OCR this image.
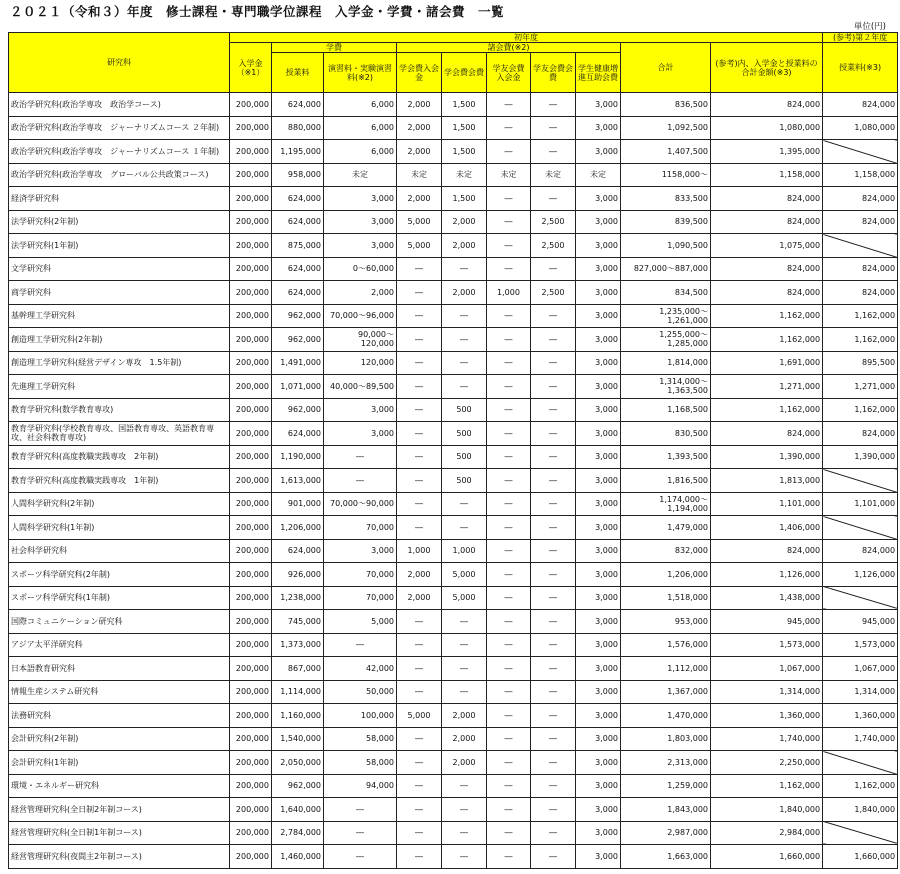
２０２１（令和３）年度　修士課程・専門職学位課程　入学金・学費・諸会費　一覧
単位(円)
研究科	初年度										(参考)第２年度
	入学金（※1）	学費		諸会費(※2)					合計	(参考)内、入学金と授業料の合計金額(※3)	授業料(※3)
		授業料	演習料・実験演習料(※2)	学会費入会金	学会費会費	学友会費入会金	学友会費会費	学生健康増進互助会費			
政治学研究科(政治学専攻　政治学コース)	200,000	624,000	6,000	2,000	1,500	―	―	3,000	836,500	824,000	824,000
政治学研究科(政治学専攻　ジャーナリズムコース ２年制)	200,000	880,000	6,000	2,000	1,500	―	―	3,000	1,092,500	1,080,000	1,080,000
政治学研究科(政治学専攻　ジャーナリズムコース １年制)	200,000	1,195,000	6,000	2,000	1,500	―	―	3,000	1,407,500	1,395,000	
政治学研究科(政治学専攻　グローバル公共政策コース)	200,000	958,000	未定	未定	未定	未定	未定	未定	1158,000～	1,158,000	1,158,000
経済学研究科	200,000	624,000	3,000	2,000	1,500	―	―	3,000	833,500	824,000	824,000
法学研究科(2年制)	200,000	624,000	3,000	5,000	2,000	―	2,500	3,000	839,500	824,000	824,000
法学研究科(1年制)	200,000	875,000	3,000	5,000	2,000	―	2,500	3,000	1,090,500	1,075,000	
文学研究科	200,000	624,000	0～60,000	―	―	―	―	3,000	827,000～887,000	824,000	824,000
商学研究科	200,000	624,000	2,000	―	2,000	1,000	2,500	3,000	834,500	824,000	824,000
基幹理工学研究科	200,000	962,000	70,000～96,000	―	―	―	―	3,000	1,235,000～1,261,000	1,162,000	1,162,000
創造理工学研究科(2年制)	200,000	962,000	90,000～120,000	―	―	―	―	3,000	1,255,000～1,285,000	1,162,000	1,162,000
創造理工学研究科(経営デザイン専攻　1.5年制)	200,000	1,491,000	120,000	―	―	―	―	3,000	1,814,000	1,691,000	895,500
先進理工学研究科	200,000	1,071,000	40,000～89,500	―	―	―	―	3,000	1,314,000～1,363,500	1,271,000	1,271,000
教育学研究科(数学教育専攻)	200,000	962,000	3,000	―	500	―	―	3,000	1,168,500	1,162,000	1,162,000
教育学研究科(学校教育専攻、国語教育専攻、英語教育専攻、社会科教育専攻)	200,000	624,000	3,000	―	500	―	―	3,000	830,500	824,000	824,000
教育学研究科(高度教職実践専攻　2年制)	200,000	1,190,000	―	―	500	―	―	3,000	1,393,500	1,390,000	1,390,000
教育学研究科(高度教職実践専攻　1年制)	200,000	1,613,000	―	―	500	―	―	3,000	1,816,500	1,813,000	
人間科学研究科(2年制)	200,000	901,000	70,000～90,000	―	―	―	―	3,000	1,174,000～1,194,000	1,101,000	1,101,000
人間科学研究科(1年制)	200,000	1,206,000	70,000	―	―	―	―	3,000	1,479,000	1,406,000	
社会科学研究科	200,000	624,000	3,000	1,000	1,000	―	―	3,000	832,000	824,000	824,000
スポーツ科学研究科(2年制)	200,000	926,000	70,000	2,000	5,000	―	―	3,000	1,206,000	1,126,000	1,126,000
スポーツ科学研究科(1年制)	200,000	1,238,000	70,000	2,000	5,000	―	―	3,000	1,518,000	1,438,000	
国際コミュニケーション研究科	200,000	745,000	5,000	―	―	―	―	3,000	953,000	945,000	945,000
アジア太平洋研究科	200,000	1,373,000	―	―	―	―	―	3,000	1,576,000	1,573,000	1,573,000
日本語教育研究科	200,000	867,000	42,000	―	―	―	―	3,000	1,112,000	1,067,000	1,067,000
情報生産システム研究科	200,000	1,114,000	50,000	―	―	―	―	3,000	1,367,000	1,314,000	1,314,000
法務研究科	200,000	1,160,000	100,000	5,000	2,000	―	―	3,000	1,470,000	1,360,000	1,360,000
会計研究科(2年制)	200,000	1,540,000	58,000	―	2,000	―	―	3,000	1,803,000	1,740,000	1,740,000
会計研究科(1年制)	200,000	2,050,000	58,000	―	2,000	―	―	3,000	2,313,000	2,250,000	
環境・エネルギー研究科	200,000	962,000	94,000	―	―	―	―	3,000	1,259,000	1,162,000	1,162,000
経営管理研究科(全日制2年制コース)	200,000	1,640,000	―	―	―	―	―	3,000	1,843,000	1,840,000	1,840,000
経営管理研究科(全日制1年制コース)	200,000	2,784,000	―	―	―	―	―	3,000	2,987,000	2,984,000	
経営管理研究科(夜間主2年制コース)	200,000	1,460,000	―	―	―	―	―	3,000	1,663,000	1,660,000	1,660,000
